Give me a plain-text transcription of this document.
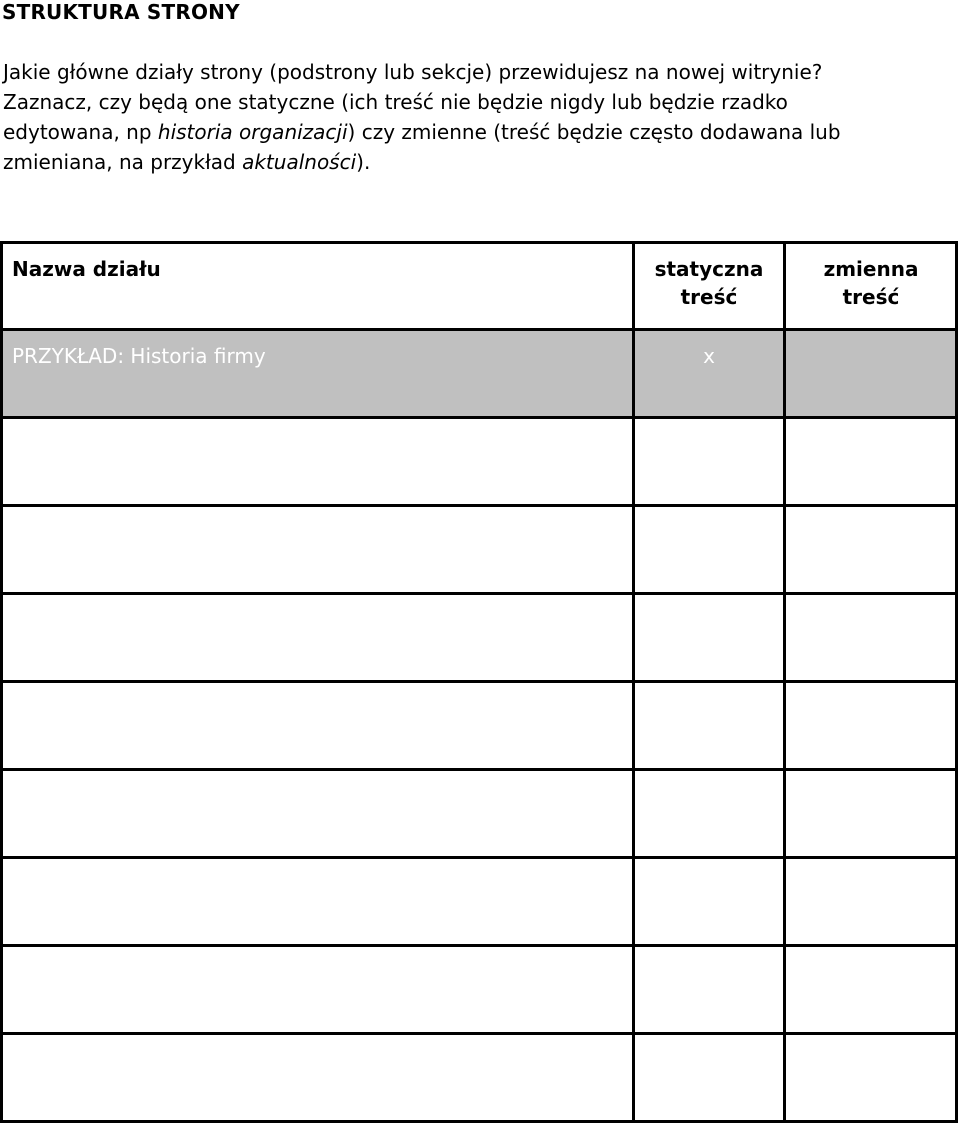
STRUKTURA STRONY
Jakie główne działy strony (podstrony lub sekcje) przewidujesz na nowej witrynie?
Zaznacz, czy będą one statyczne (ich treść nie będzie nigdy lub będzie rzadko
edytowana, np historia organizacji) czy zmienne (treść będzie często dodawana lub
zmieniana, na przykład aktualności).
Nazwa działu	statyczna
treść
zmienna
treść
PRZYKŁAD: Historia firmy	x
